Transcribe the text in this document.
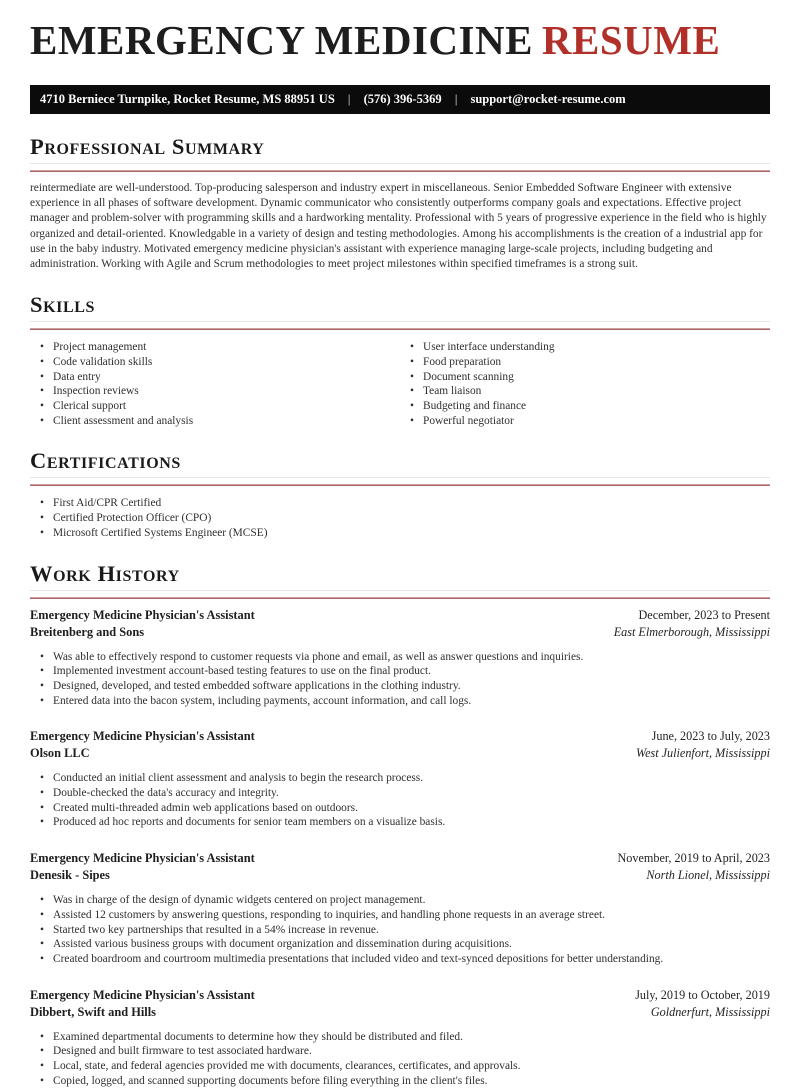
EMERGENCY MEDICINE RESUME
4710 Berniece Turnpike, Rocket Resume, MS 88951 US | (576) 396-5369 | support@rocket-resume.com
Professional Summary

reintermediate are well-understood. Top-producing salesperson and industry expert in miscellaneous. Senior Embedded Software Engineer with extensive experience in all phases of software development. Dynamic communicator who consistently outperforms company goals and expectations. Effective project manager and problem-solver with programming skills and a hardworking mentality. Professional with 5 years of progressive experience in the field who is highly organized and detail-oriented. Knowledgable in a variety of design and testing methodologies. Among his accomplishments is the creation of a industrial app for use in the baby industry. Motivated emergency medicine physician's assistant with experience managing large-scale projects, including budgeting and administration. Working with Agile and Scrum methodologies to meet project milestones within specified timeframes is a strong suit.

Skills
• Project management
• Code validation skills
• Data entry
• Inspection reviews
• Clerical support
• Client assessment and analysis
• User interface understanding
• Food preparation
• Document scanning
• Team liaison
• Budgeting and finance
• Powerful negotiator
Certifications
• First Aid/CPR Certified
• Certified Protection Officer (CPO)
• Microsoft Certified Systems Engineer (MCSE)
Work History
Emergency Medicine Physician's Assistant	December, 2023 to Present
Breitenberg and Sons	East Elmerborough, Mississippi
• Was able to effectively respond to customer requests via phone and email, as well as answer questions and inquiries.
• Implemented investment account-based testing features to use on the final product.
• Designed, developed, and tested embedded software applications in the clothing industry.
• Entered data into the bacon system, including payments, account information, and call logs.
Emergency Medicine Physician's Assistant	June, 2023 to July, 2023
Olson LLC	West Julienfort, Mississippi
• Conducted an initial client assessment and analysis to begin the research process.
• Double-checked the data's accuracy and integrity.
• Created multi-threaded admin web applications based on outdoors.
• Produced ad hoc reports and documents for senior team members on a visualize basis.
Emergency Medicine Physician's Assistant	November, 2019 to April, 2023
Denesik - Sipes	North Lionel, Mississippi
• Was in charge of the design of dynamic widgets centered on project management.
• Assisted 12 customers by answering questions, responding to inquiries, and handling phone requests in an average street.
• Started two key partnerships that resulted in a 54% increase in revenue.
• Assisted various business groups with document organization and dissemination during acquisitions.
• Created boardroom and courtroom multimedia presentations that included video and text-synced depositions for better understanding.
Emergency Medicine Physician's Assistant	July, 2019 to October, 2019
Dibbert, Swift and Hills	Goldnerfurt, Mississippi
• Examined departmental documents to determine how they should be distributed and filed.
• Designed and built firmware to test associated hardware.
• Local, state, and federal agencies provided me with documents, clearances, certificates, and approvals.
• Copied, logged, and scanned supporting documents before filing everything in the client's files.
